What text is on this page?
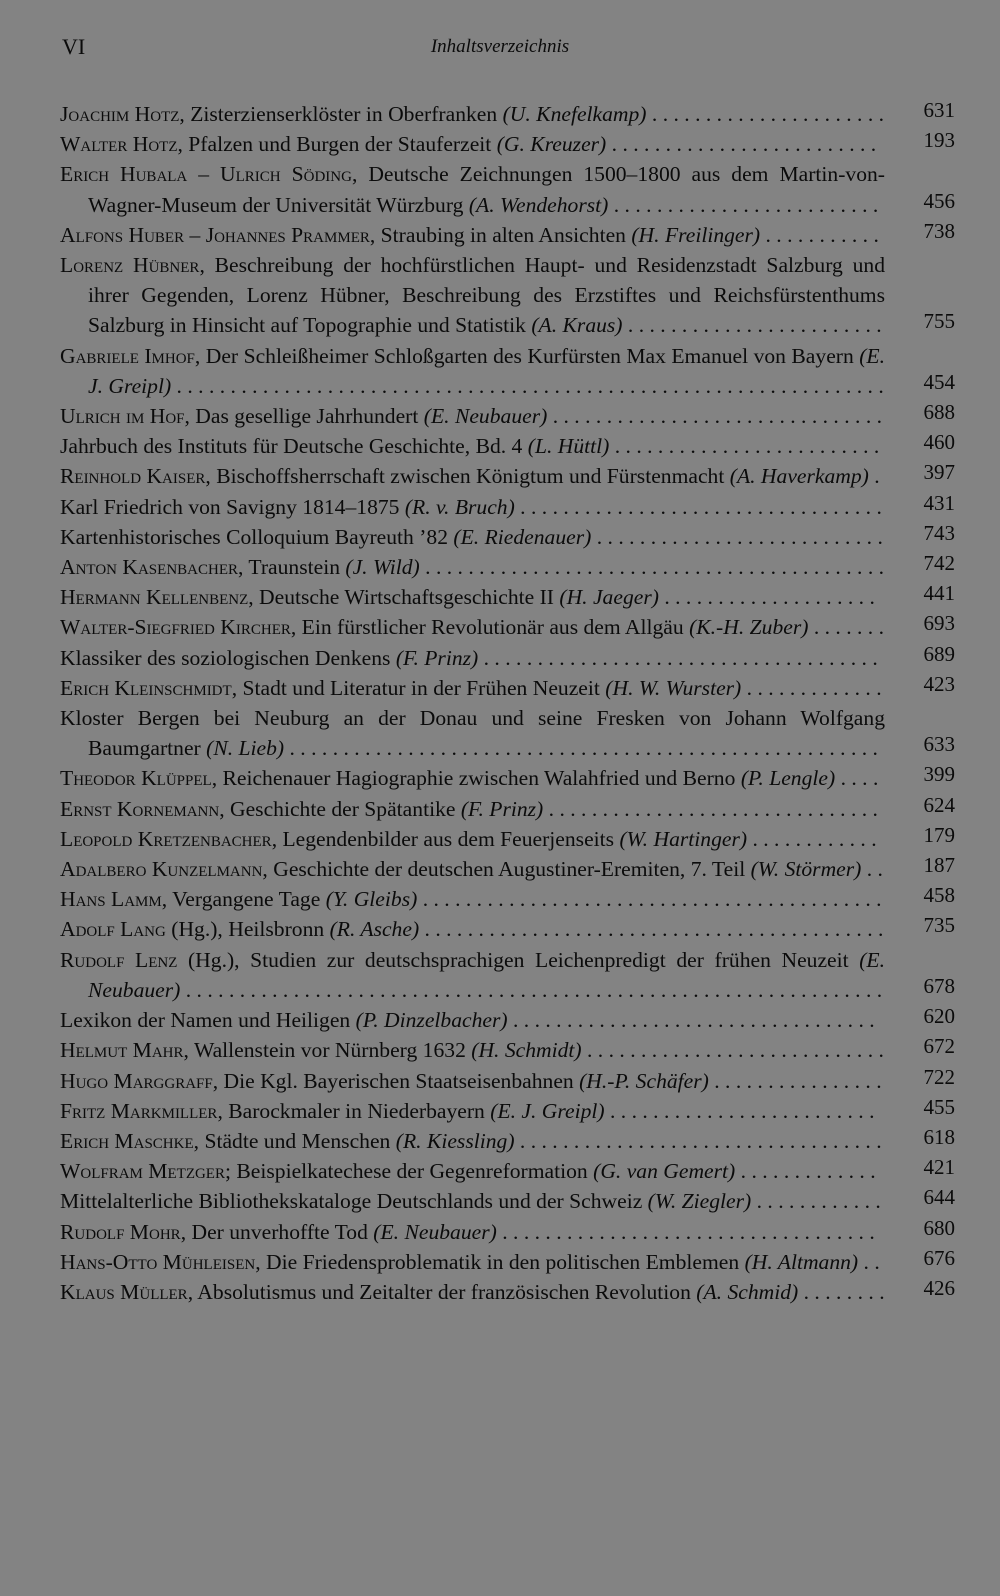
VI	Inhaltsverzeichnis
Joachim Hotz, Zisterzienserklöster in Oberfranken (U. Knefelkamp) . . . . . . . . . . . . . . . . . . . . . . 631
Walter Hotz, Pfalzen und Burgen der Stauferzeit (G. Kreuzer) . . . . . . . . . . . . . . . . . . . . . . . . . 193
Erich Hubala – Ulrich Söding, Deutsche Zeichnungen 1500–1800 aus dem Martin-von-Wagner-Museum der Universität Würzburg (A. Wendehorst) . . . . . . . . . . . . . . . . . . . . . . . . . 456
Alfons Huber – Johannes Prammer, Straubing in alten Ansichten (H. Freilinger) . . . . . . . . . . . 738
Lorenz Hübner, Beschreibung der hochfürstlichen Haupt- und Residenzstadt Salzburg und ihrer Gegenden, Lorenz Hübner, Beschreibung des Erzstiftes und Reichsfürstenthums Salzburg in Hinsicht auf Topographie und Statistik (A. Kraus) . . . . . . . . . . . . . . . . . . . . . . . . 755
Gabriele Imhof, Der Schleißheimer Schloßgarten des Kurfürsten Max Emanuel von Bayern (E. J. Greipl) . . . . . . . . . . . . . . . . . . . . . . . . . . . . . . . . . . . . . . . . . . . . . . . . . . . . . . . . . . . . . . . . . . 454
Ulrich im Hof, Das gesellige Jahrhundert (E. Neubauer) . . . . . . . . . . . . . . . . . . . . . . . . . . . . . . . 688
Jahrbuch des Instituts für Deutsche Geschichte, Bd. 4 (L. Hüttl) . . . . . . . . . . . . . . . . . . . . . . . . . 460
Reinhold Kaiser, Bischoffsherrschaft zwischen Königtum und Fürstenmacht (A. Haverkamp) . 397
Karl Friedrich von Savigny 1814–1875 (R. v. Bruch) . . . . . . . . . . . . . . . . . . . . . . . . . . . . . . . . . . 431
Kartenhistorisches Colloquium Bayreuth ’82 (E. Riedenauer) . . . . . . . . . . . . . . . . . . . . . . . . . . . 743
Anton Kasenbacher, Traunstein (J. Wild) . . . . . . . . . . . . . . . . . . . . . . . . . . . . . . . . . . . . . . . . . . . 742
Hermann Kellenbenz, Deutsche Wirtschaftsgeschichte II (H. Jaeger) . . . . . . . . . . . . . . . . . . . . 441
Walter-Siegfried Kircher, Ein fürstlicher Revolutionär aus dem Allgäu (K.-H. Zuber) . . . . . . . 693
Klassiker des soziologischen Denkens (F. Prinz) . . . . . . . . . . . . . . . . . . . . . . . . . . . . . . . . . . . . . 689
Erich Kleinschmidt, Stadt und Literatur in der Frühen Neuzeit (H. W. Wurster) . . . . . . . . . . . . . 423
Kloster Bergen bei Neuburg an der Donau und seine Fresken von Johann Wolfgang Baumgartner (N. Lieb) . . . . . . . . . . . . . . . . . . . . . . . . . . . . . . . . . . . . . . . . . . . . . . . . . . . . . . . 633
Theodor Klüppel, Reichenauer Hagiographie zwischen Walahfried und Berno (P. Lengle) . . . . 399
Ernst Kornemann, Geschichte der Spätantike (F. Prinz) . . . . . . . . . . . . . . . . . . . . . . . . . . . . . . . 624
Leopold Kretzenbacher, Legendenbilder aus dem Feuerjenseits (W. Hartinger) . . . . . . . . . . . . 179
Adalbero Kunzelmann, Geschichte der deutschen Augustiner-Eremiten, 7. Teil (W. Störmer) . . 187
Hans Lamm, Vergangene Tage (Y. Gleibs) . . . . . . . . . . . . . . . . . . . . . . . . . . . . . . . . . . . . . . . . . . . 458
Adolf Lang (Hg.), Heilsbronn (R. Asche) . . . . . . . . . . . . . . . . . . . . . . . . . . . . . . . . . . . . . . . . . . . 735
Rudolf Lenz (Hg.), Studien zur deutschsprachigen Leichenpredigt der frühen Neuzeit (E. Neubauer) . . . . . . . . . . . . . . . . . . . . . . . . . . . . . . . . . . . . . . . . . . . . . . . . . . . . . . . . . . . . . . . . . 678
Lexikon der Namen und Heiligen (P. Dinzelbacher) . . . . . . . . . . . . . . . . . . . . . . . . . . . . . . . . . . 620
Helmut Mahr, Wallenstein vor Nürnberg 1632 (H. Schmidt) . . . . . . . . . . . . . . . . . . . . . . . . . . . . 672
Hugo Marggraff, Die Kgl. Bayerischen Staatseisenbahnen (H.-P. Schäfer) . . . . . . . . . . . . . . . . 722
Fritz Markmiller, Barockmaler in Niederbayern (E. J. Greipl) . . . . . . . . . . . . . . . . . . . . . . . . . 455
Erich Maschke, Städte und Menschen (R. Kiessling) . . . . . . . . . . . . . . . . . . . . . . . . . . . . . . . . . . 618
Wolfram Metzger; Beispielkatechese der Gegenreformation (G. van Gemert) . . . . . . . . . . . . . 421
Mittelalterliche Bibliothekskataloge Deutschlands und der Schweiz (W. Ziegler) . . . . . . . . . . . . 644
Rudolf Mohr, Der unverhoffte Tod (E. Neubauer) . . . . . . . . . . . . . . . . . . . . . . . . . . . . . . . . . . . 680
Hans-Otto Mühleisen, Die Friedensproblematik in den politischen Emblemen (H. Altmann) . . 676
Klaus Müller, Absolutismus und Zeitalter der französischen Revolution (A. Schmid) . . . . . . . . 426
